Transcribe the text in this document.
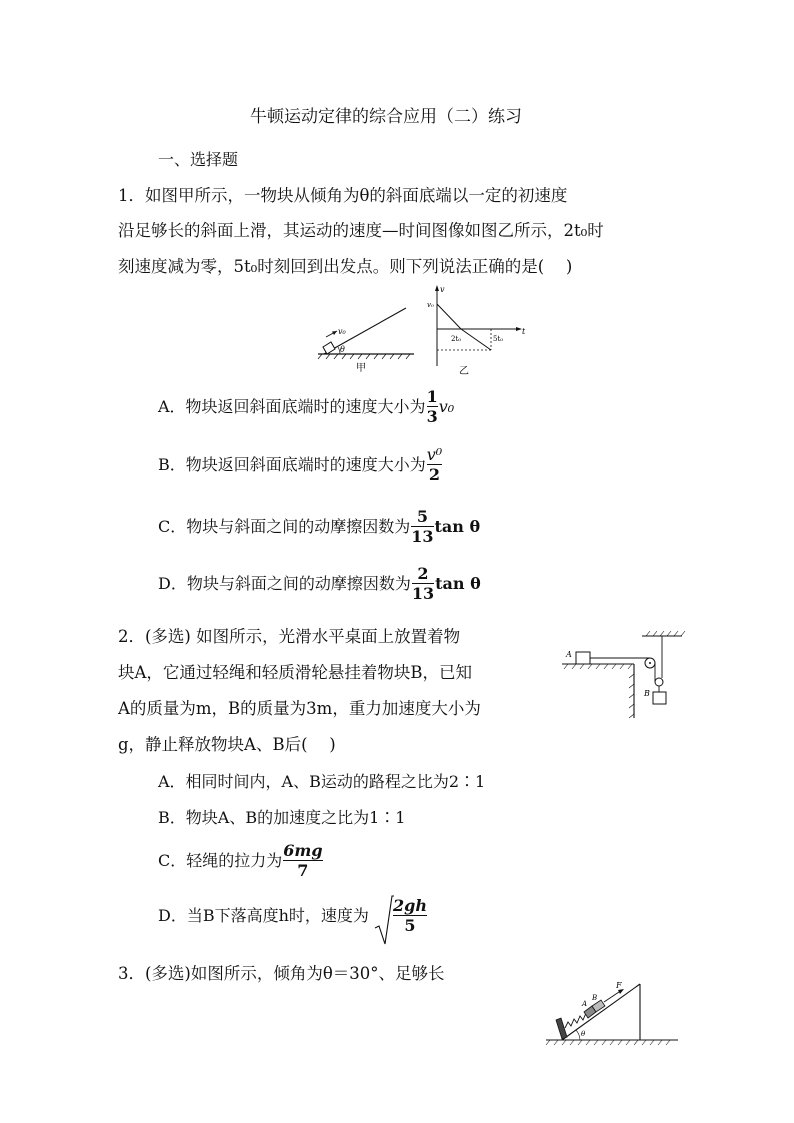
牛顿运动定律的综合应用（二）练习
一、选择题
1．如图甲所示，一物块从倾角为θ的斜面底端以一定的初速度
沿足够长的斜面上滑，其运动的速度—时间图像如图乙所示，2t₀时
刻速度减为零，5t₀时刻回到出发点。则下列说法正确的是(　 )
v₀
θ
甲
v
t
v₀
2t₀	5t₀
乙
A．物块返回斜面底端时的速度大小为 $\frac{1}{3} v_0$
B．物块返回斜面底端时的速度大小为 $\frac{\text{v⁰}}{2}$
C．物块与斜面之间的动摩擦因数为 $\frac{5}{13}$ tan θ
D．物块与斜面之间的动摩擦因数为 $\frac{2}{13}$ tan θ
2．(多选) 如图所示，光滑水平桌面上放置着物
块A，它通过轻绳和轻质滑轮悬挂着物块B，已知
A的质量为m，B的质量为3m，重力加速度大小为
g，静止释放物块A、B后(　 )
A
B
A．相同时间内，A、B运动的路程之比为2∶1
B．物块A、B的加速度之比为1∶1
C．轻绳的拉力为 $\frac{6mg}{7}$
D．当B下落高度h时，速度为 $\frac{2gh}{5}$
3．(多选)如图所示，倾角为θ＝30°、足够长
A
B
F
θ
